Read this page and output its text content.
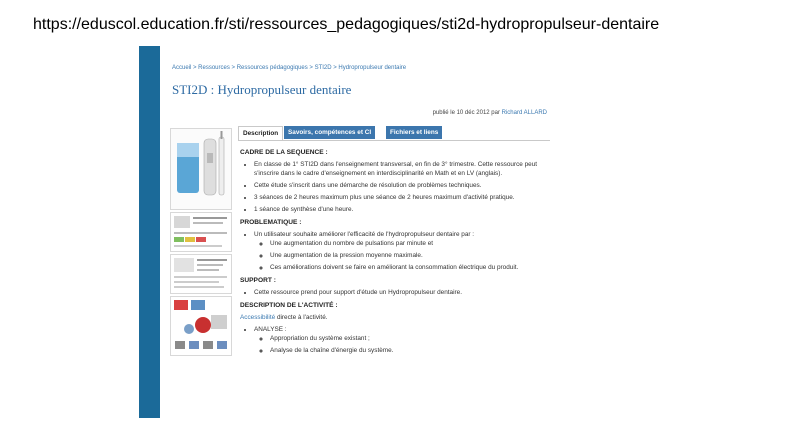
https://eduscol.education.fr/sti/ressources_pedagogiques/sti2d-hydropropulseur-dentaire
Accueil > Ressources > Ressources pédagogiques > STI2D > Hydropropulseur dentaire
STI2D : Hydropropulseur dentaire
publié le 10 déc 2012 par Richard ALLARD
Description	Savoirs, compétences et CI	Fichiers et liens
CADRE DE LA SEQUENCE :
• En classe de 1° STI2D dans l'enseignement transversal, en fin de 3° trimestre. Cette ressource peut s'inscrire dans le cadre d'enseignement en interdisciplinarité en Math et en LV (anglais).
• Cette étude s'inscrit dans une démarche de résolution de problèmes techniques.
• 3 séances de 2 heures maximum plus une séance de 2 heures maximum d'activité pratique.
• 1 séance de synthèse d'une heure.
PROBLEMATIQUE :
• Un utilisateur souhaite améliorer l'efficacité de l'hydropropulseur dentaire par :
◦ Une augmentation du nombre de pulsations par minute et
◦ Une augmentation de la pression moyenne maximale.
◦ Ces améliorations doivent se faire en améliorant la consommation électrique du produit.
SUPPORT :
• Cette ressource prend pour support d'étude un Hydropropulseur dentaire.
DESCRIPTION DE L'ACTIVITÉ :
Accessibilité directe à l'activité.
• ANALYSE :
◦ Appropriation du système existant ;
◦ Analyse de la chaîne d'énergie du système.
